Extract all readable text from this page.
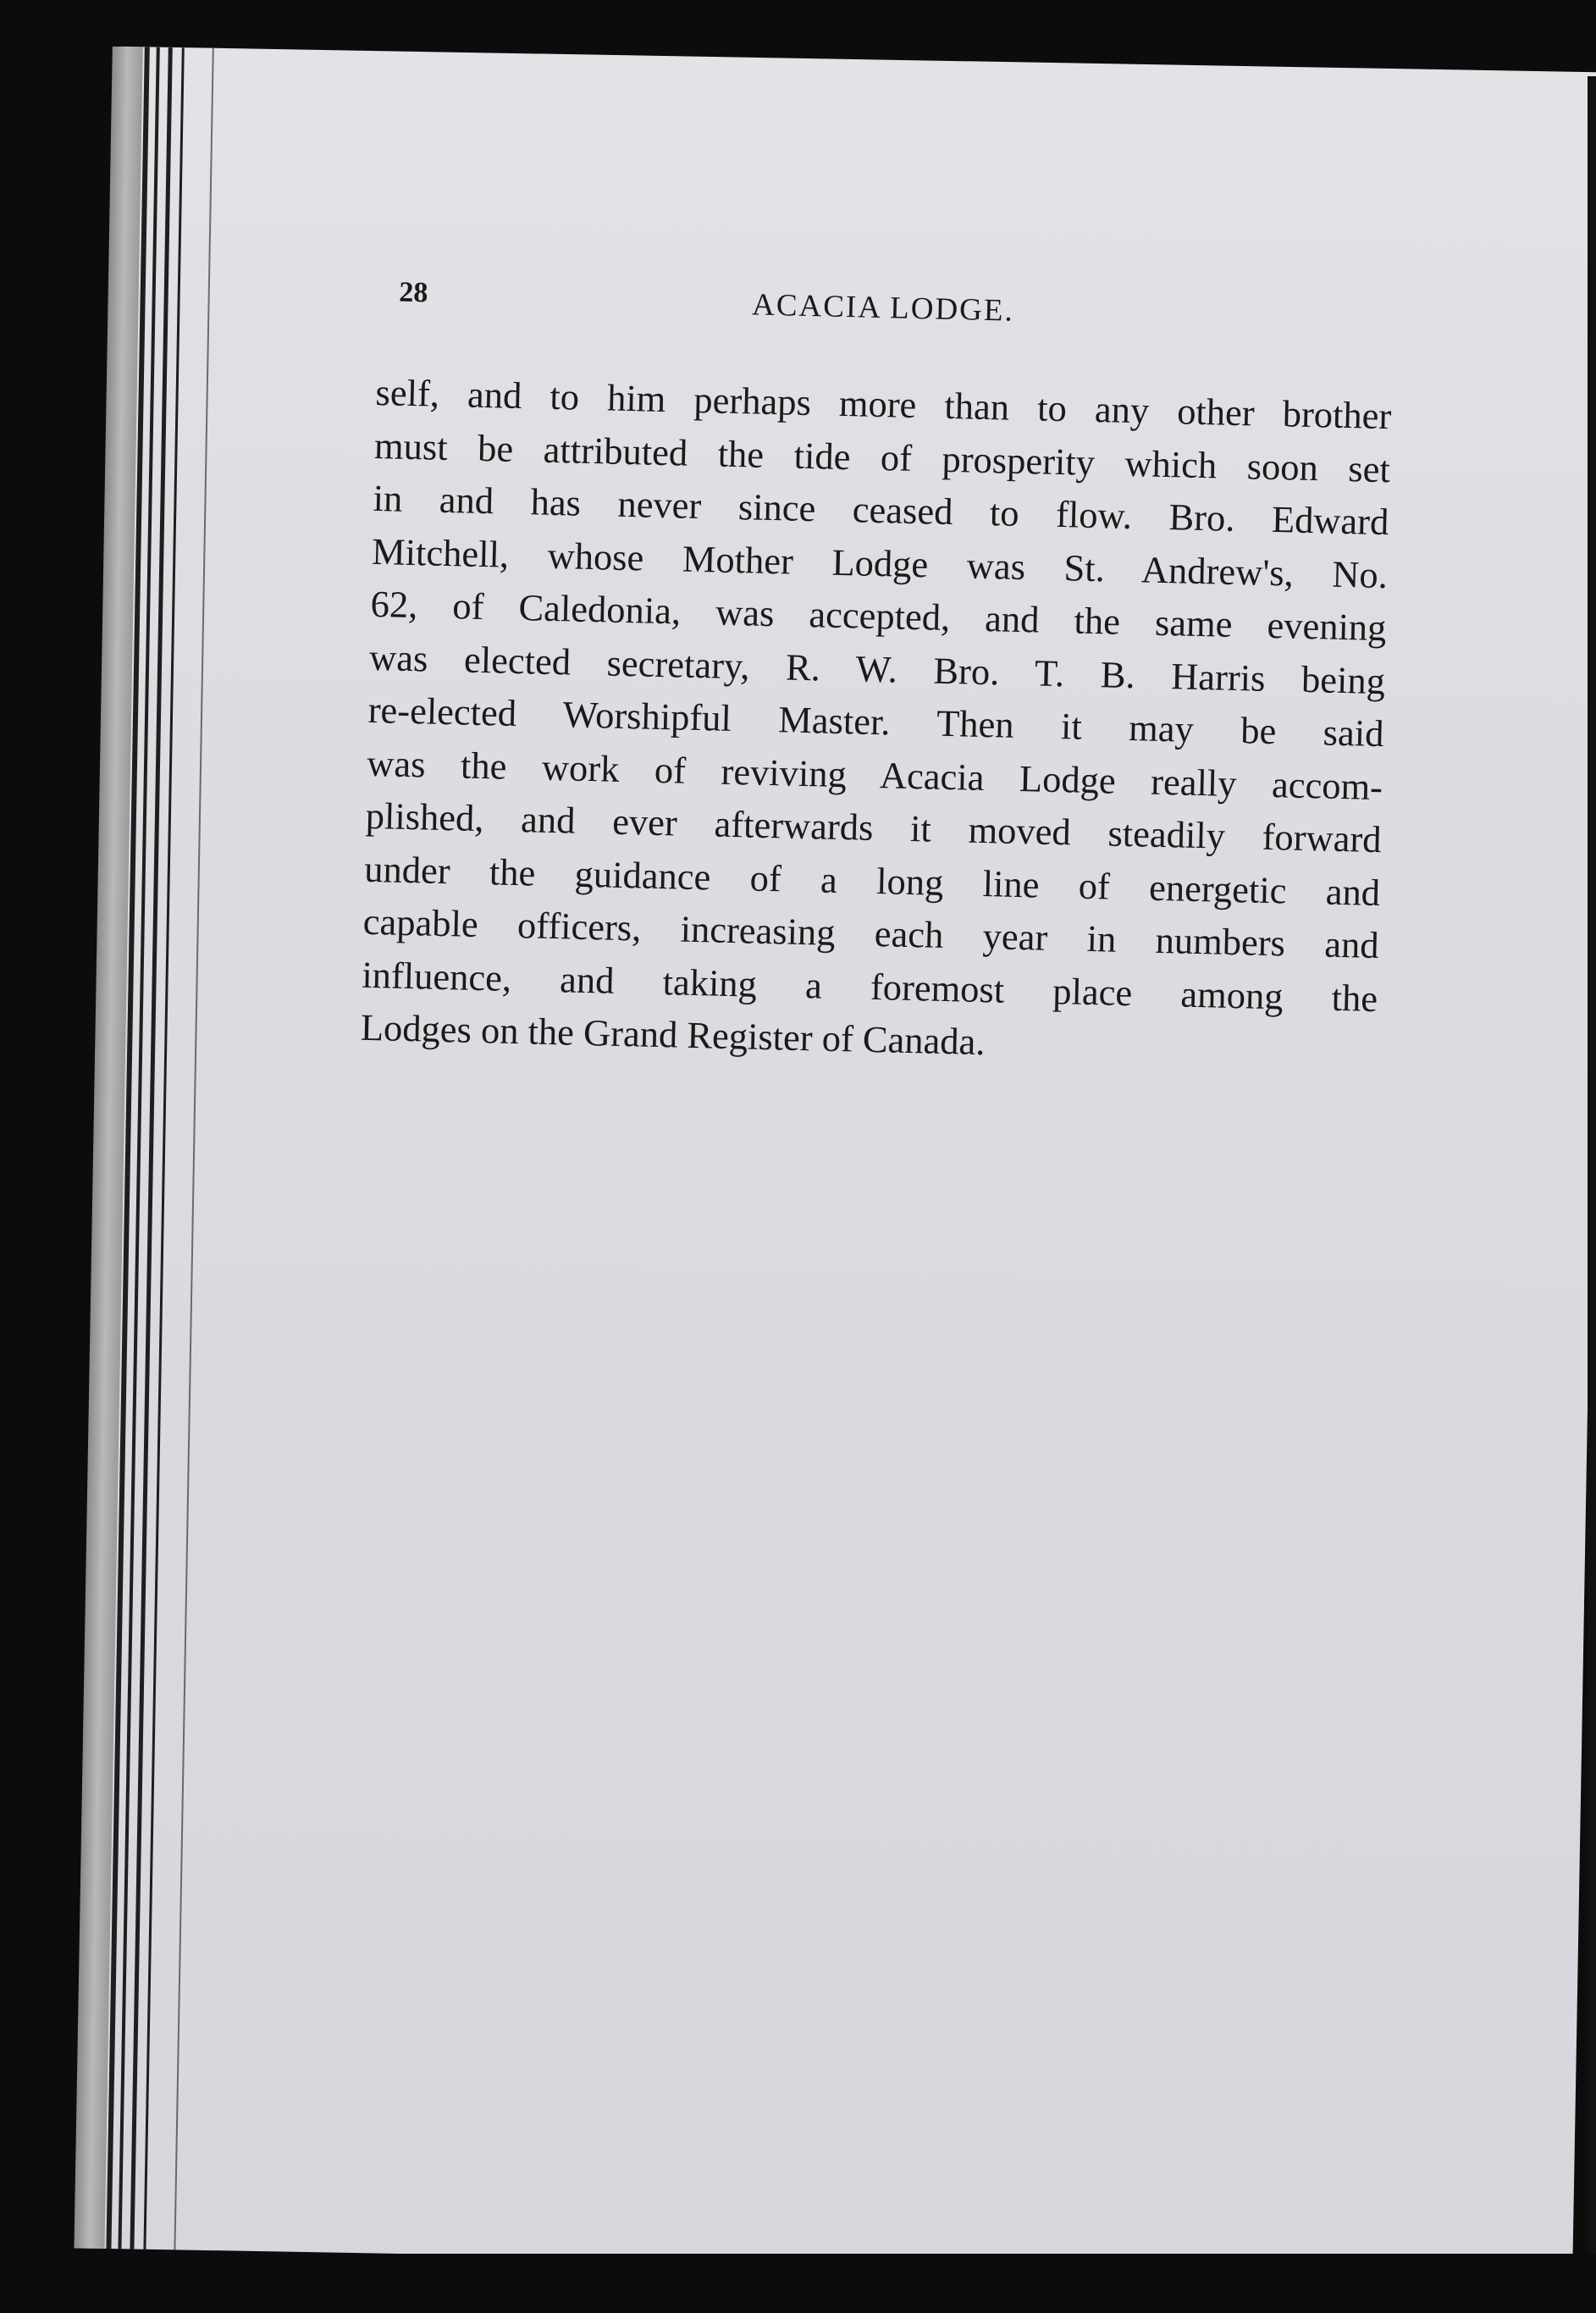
28	ACACIA LODGE.
self, and to him perhaps more than to any other brother
must be attributed the tide of prosperity which soon set
in and has never since ceased to flow. Bro. Edward
Mitchell, whose Mother Lodge was St. Andrew's, No.
62, of Caledonia, was accepted, and the same evening
was elected secretary, R. W. Bro. T. B. Harris being
re-elected Worshipful Master. Then it may be said
was the work of reviving Acacia Lodge really accom-
plished, and ever afterwards it moved steadily forward
under the guidance of a long line of energetic and
capable officers, increasing each year in numbers and
influence, and taking a foremost place among the
Lodges on the Grand Register of Canada.
